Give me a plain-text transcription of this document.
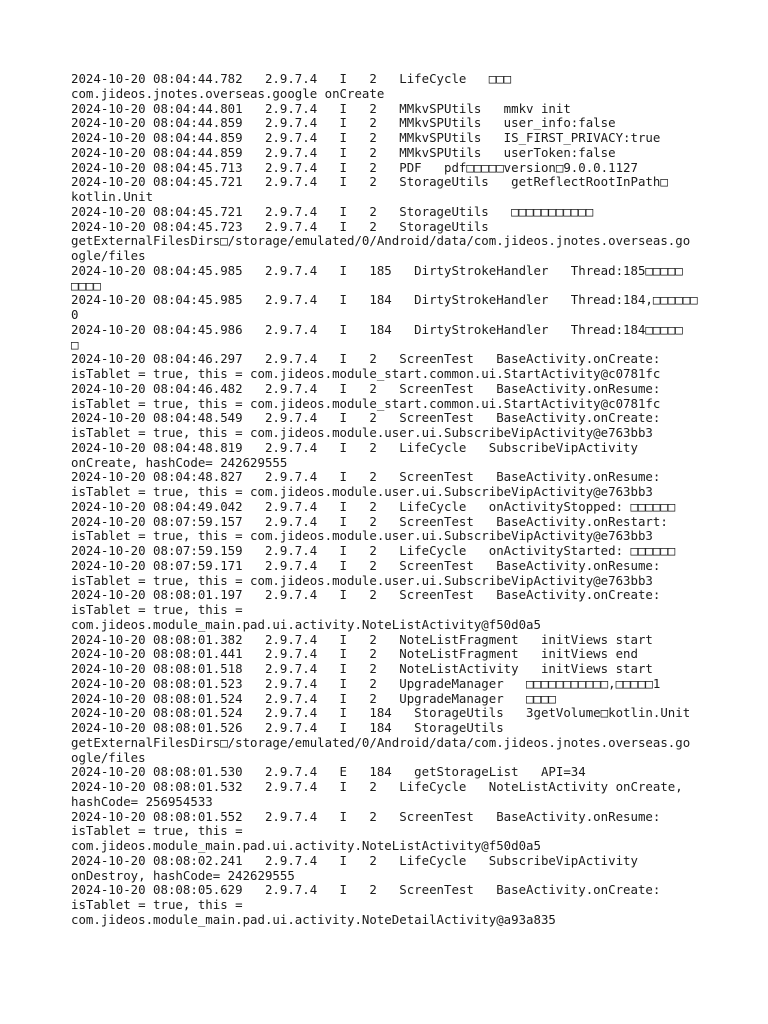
2024-10-20 08:04:44.782   2.9.7.4   I   2   LifeCycle   □□□
com.jideos.jnotes.overseas.google onCreate
2024-10-20 08:04:44.801   2.9.7.4   I   2   MMkvSPUtils   mmkv init
2024-10-20 08:04:44.859   2.9.7.4   I   2   MMkvSPUtils   user_info:false
2024-10-20 08:04:44.859   2.9.7.4   I   2   MMkvSPUtils   IS_FIRST_PRIVACY:true
2024-10-20 08:04:44.859   2.9.7.4   I   2   MMkvSPUtils   userToken:false
2024-10-20 08:04:45.713   2.9.7.4   I   2   PDF   pdf□□□□□version□9.0.0.1127
2024-10-20 08:04:45.721   2.9.7.4   I   2   StorageUtils   getReflectRootInPath□
kotlin.Unit
2024-10-20 08:04:45.721   2.9.7.4   I   2   StorageUtils   □□□□□□□□□□□
2024-10-20 08:04:45.723   2.9.7.4   I   2   StorageUtils
getExternalFilesDirs□/storage/emulated/0/Android/data/com.jideos.jnotes.overseas.go
ogle/files
2024-10-20 08:04:45.985   2.9.7.4   I   185   DirtyStrokeHandler   Thread:185□□□□□
□□□□
2024-10-20 08:04:45.985   2.9.7.4   I   184   DirtyStrokeHandler   Thread:184,□□□□□□
0
2024-10-20 08:04:45.986   2.9.7.4   I   184   DirtyStrokeHandler   Thread:184□□□□□
□
2024-10-20 08:04:46.297   2.9.7.4   I   2   ScreenTest   BaseActivity.onCreate:
isTablet = true, this = com.jideos.module_start.common.ui.StartActivity@c0781fc
2024-10-20 08:04:46.482   2.9.7.4   I   2   ScreenTest   BaseActivity.onResume:
isTablet = true, this = com.jideos.module_start.common.ui.StartActivity@c0781fc
2024-10-20 08:04:48.549   2.9.7.4   I   2   ScreenTest   BaseActivity.onCreate:
isTablet = true, this = com.jideos.module.user.ui.SubscribeVipActivity@e763bb3
2024-10-20 08:04:48.819   2.9.7.4   I   2   LifeCycle   SubscribeVipActivity
onCreate, hashCode= 242629555
2024-10-20 08:04:48.827   2.9.7.4   I   2   ScreenTest   BaseActivity.onResume:
isTablet = true, this = com.jideos.module.user.ui.SubscribeVipActivity@e763bb3
2024-10-20 08:04:49.042   2.9.7.4   I   2   LifeCycle   onActivityStopped: □□□□□□
2024-10-20 08:07:59.157   2.9.7.4   I   2   ScreenTest   BaseActivity.onRestart:
isTablet = true, this = com.jideos.module.user.ui.SubscribeVipActivity@e763bb3
2024-10-20 08:07:59.159   2.9.7.4   I   2   LifeCycle   onActivityStarted: □□□□□□
2024-10-20 08:07:59.171   2.9.7.4   I   2   ScreenTest   BaseActivity.onResume:
isTablet = true, this = com.jideos.module.user.ui.SubscribeVipActivity@e763bb3
2024-10-20 08:08:01.197   2.9.7.4   I   2   ScreenTest   BaseActivity.onCreate:
isTablet = true, this =
com.jideos.module_main.pad.ui.activity.NoteListActivity@f50d0a5
2024-10-20 08:08:01.382   2.9.7.4   I   2   NoteListFragment   initViews start
2024-10-20 08:08:01.441   2.9.7.4   I   2   NoteListFragment   initViews end
2024-10-20 08:08:01.518   2.9.7.4   I   2   NoteListActivity   initViews start
2024-10-20 08:08:01.523   2.9.7.4   I   2   UpgradeManager   □□□□□□□□□□□,□□□□□1
2024-10-20 08:08:01.524   2.9.7.4   I   2   UpgradeManager   □□□□
2024-10-20 08:08:01.524   2.9.7.4   I   184   StorageUtils   3getVolume□kotlin.Unit
2024-10-20 08:08:01.526   2.9.7.4   I   184   StorageUtils
getExternalFilesDirs□/storage/emulated/0/Android/data/com.jideos.jnotes.overseas.go
ogle/files
2024-10-20 08:08:01.530   2.9.7.4   E   184   getStorageList   API=34
2024-10-20 08:08:01.532   2.9.7.4   I   2   LifeCycle   NoteListActivity onCreate,
hashCode= 256954533
2024-10-20 08:08:01.552   2.9.7.4   I   2   ScreenTest   BaseActivity.onResume:
isTablet = true, this =
com.jideos.module_main.pad.ui.activity.NoteListActivity@f50d0a5
2024-10-20 08:08:02.241   2.9.7.4   I   2   LifeCycle   SubscribeVipActivity
onDestroy, hashCode= 242629555
2024-10-20 08:08:05.629   2.9.7.4   I   2   ScreenTest   BaseActivity.onCreate:
isTablet = true, this =
com.jideos.module_main.pad.ui.activity.NoteDetailActivity@a93a835
